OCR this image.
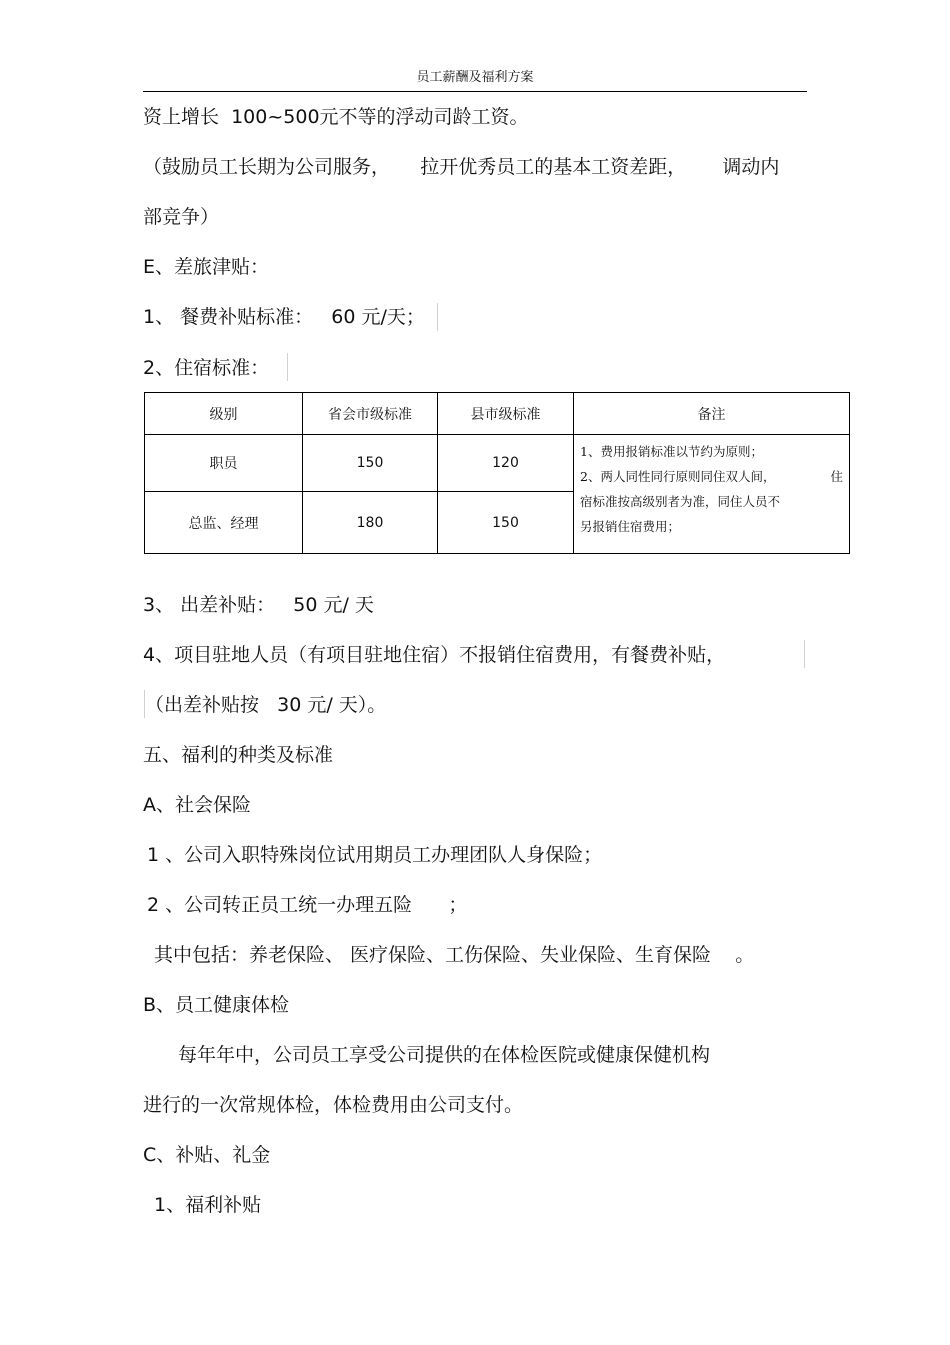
员工薪酬及福利方案
资上增长  100~500元不等的浮动司龄工资。
（鼓励员工长期为公司服务，     拉开优秀员工的基本工资差距，      调动内
部竞争）
E、差旅津贴：
1、 餐费补贴标准：   60 元/天；
2、住宿标准：
级别	省会市级标准	县市级标准	备注
职员	150	120	1、费用报销标准以节约为原则；
2、两人同性同行原则同住双人间， 住
宿标准按高级别者为准，同住人员不
另报销住宿费用；

总监、经理	180	150	
3、 出差补贴：   50 元/ 天
4、项目驻地人员（有项目驻地住宿）不报销住宿费用，有餐费补贴，
（出差补贴按   30 元/ 天）。
五、福利的种类及标准
A、社会保险
1 、公司入职特殊岗位试用期员工办理团队人身保险；
2 、公司转正员工统一办理五险      ；
其中包括：养老保险、 医疗保险、工伤保险、失业保险、生育保险    。
B、员工健康体检
每年年中，公司员工享受公司提供的在体检医院或健康保健机构
进行的一次常规体检，体检费用由公司支付。
C、补贴、礼金
1、福利补贴
